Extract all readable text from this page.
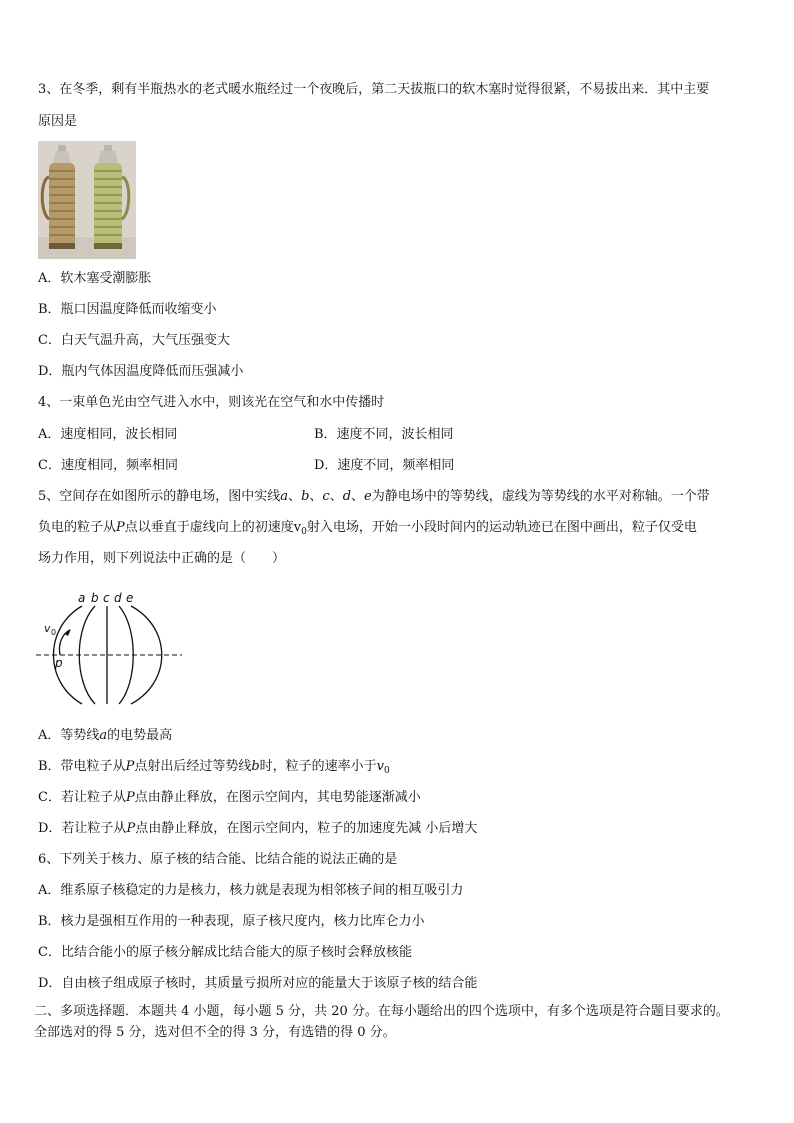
3、在冬季，剩有半瓶热水的老式暖水瓶经过一个夜晚后，第二天拔瓶口的软木塞时觉得很紧，不易拔出来．其中主要
原因是
A．软木塞受潮膨胀
B．瓶口因温度降低而收缩变小
C．白天气温升高，大气压强变大
D．瓶内气体因温度降低而压强减小
4、一束单色光由空气进入水中，则该光在空气和水中传播时
A．速度相同，波长相同	B．速度不同，波长相同
C．速度相同，频率相同	D．速度不同，频率相同
5、空间存在如图所示的静电场，图中实线a、b、c、d、e为静电场中的等势线，虚线为等势线的水平对称轴。一个带
负电的粒子从P点以垂直于虚线向上的初速度$v_0$射入电场，开始一小段时间内的运动轨迹已在图中画出，粒子仅受电
场力作用，则下列说法中正确的是（　　）
a b c d e
v 0
p
A．等势线a的电势最高
B．带电粒子从P点射出后经过等势线b时，粒子的速率小于$v_0$
C．若让粒子从P点由静止释放，在图示空间内，其电势能逐渐减小
D．若让粒子从P点由静止释放，在图示空间内，粒子的加速度先减 小后增大
6、下列关于核力、原子核的结合能、比结合能的说法正确的是
A．维系原子核稳定的力是核力，核力就是表现为相邻核子间的相互吸引力
B．核力是强相互作用的一种表现，原子核尺度内，核力比库仑力小
C．比结合能小的原子核分解成比结合能大的原子核时会释放核能
D．自由核子组成原子核时，其质量亏损所对应的能量大于该原子核的结合能
二、多项选择题．本题共 4 小题，每小题 5 分，共 20 分。在每小题给出的四个选项中，有多个选项是符合题目要求的。
全部选对的得 5 分，选对但不全的得 3 分，有选错的得 0 分。
